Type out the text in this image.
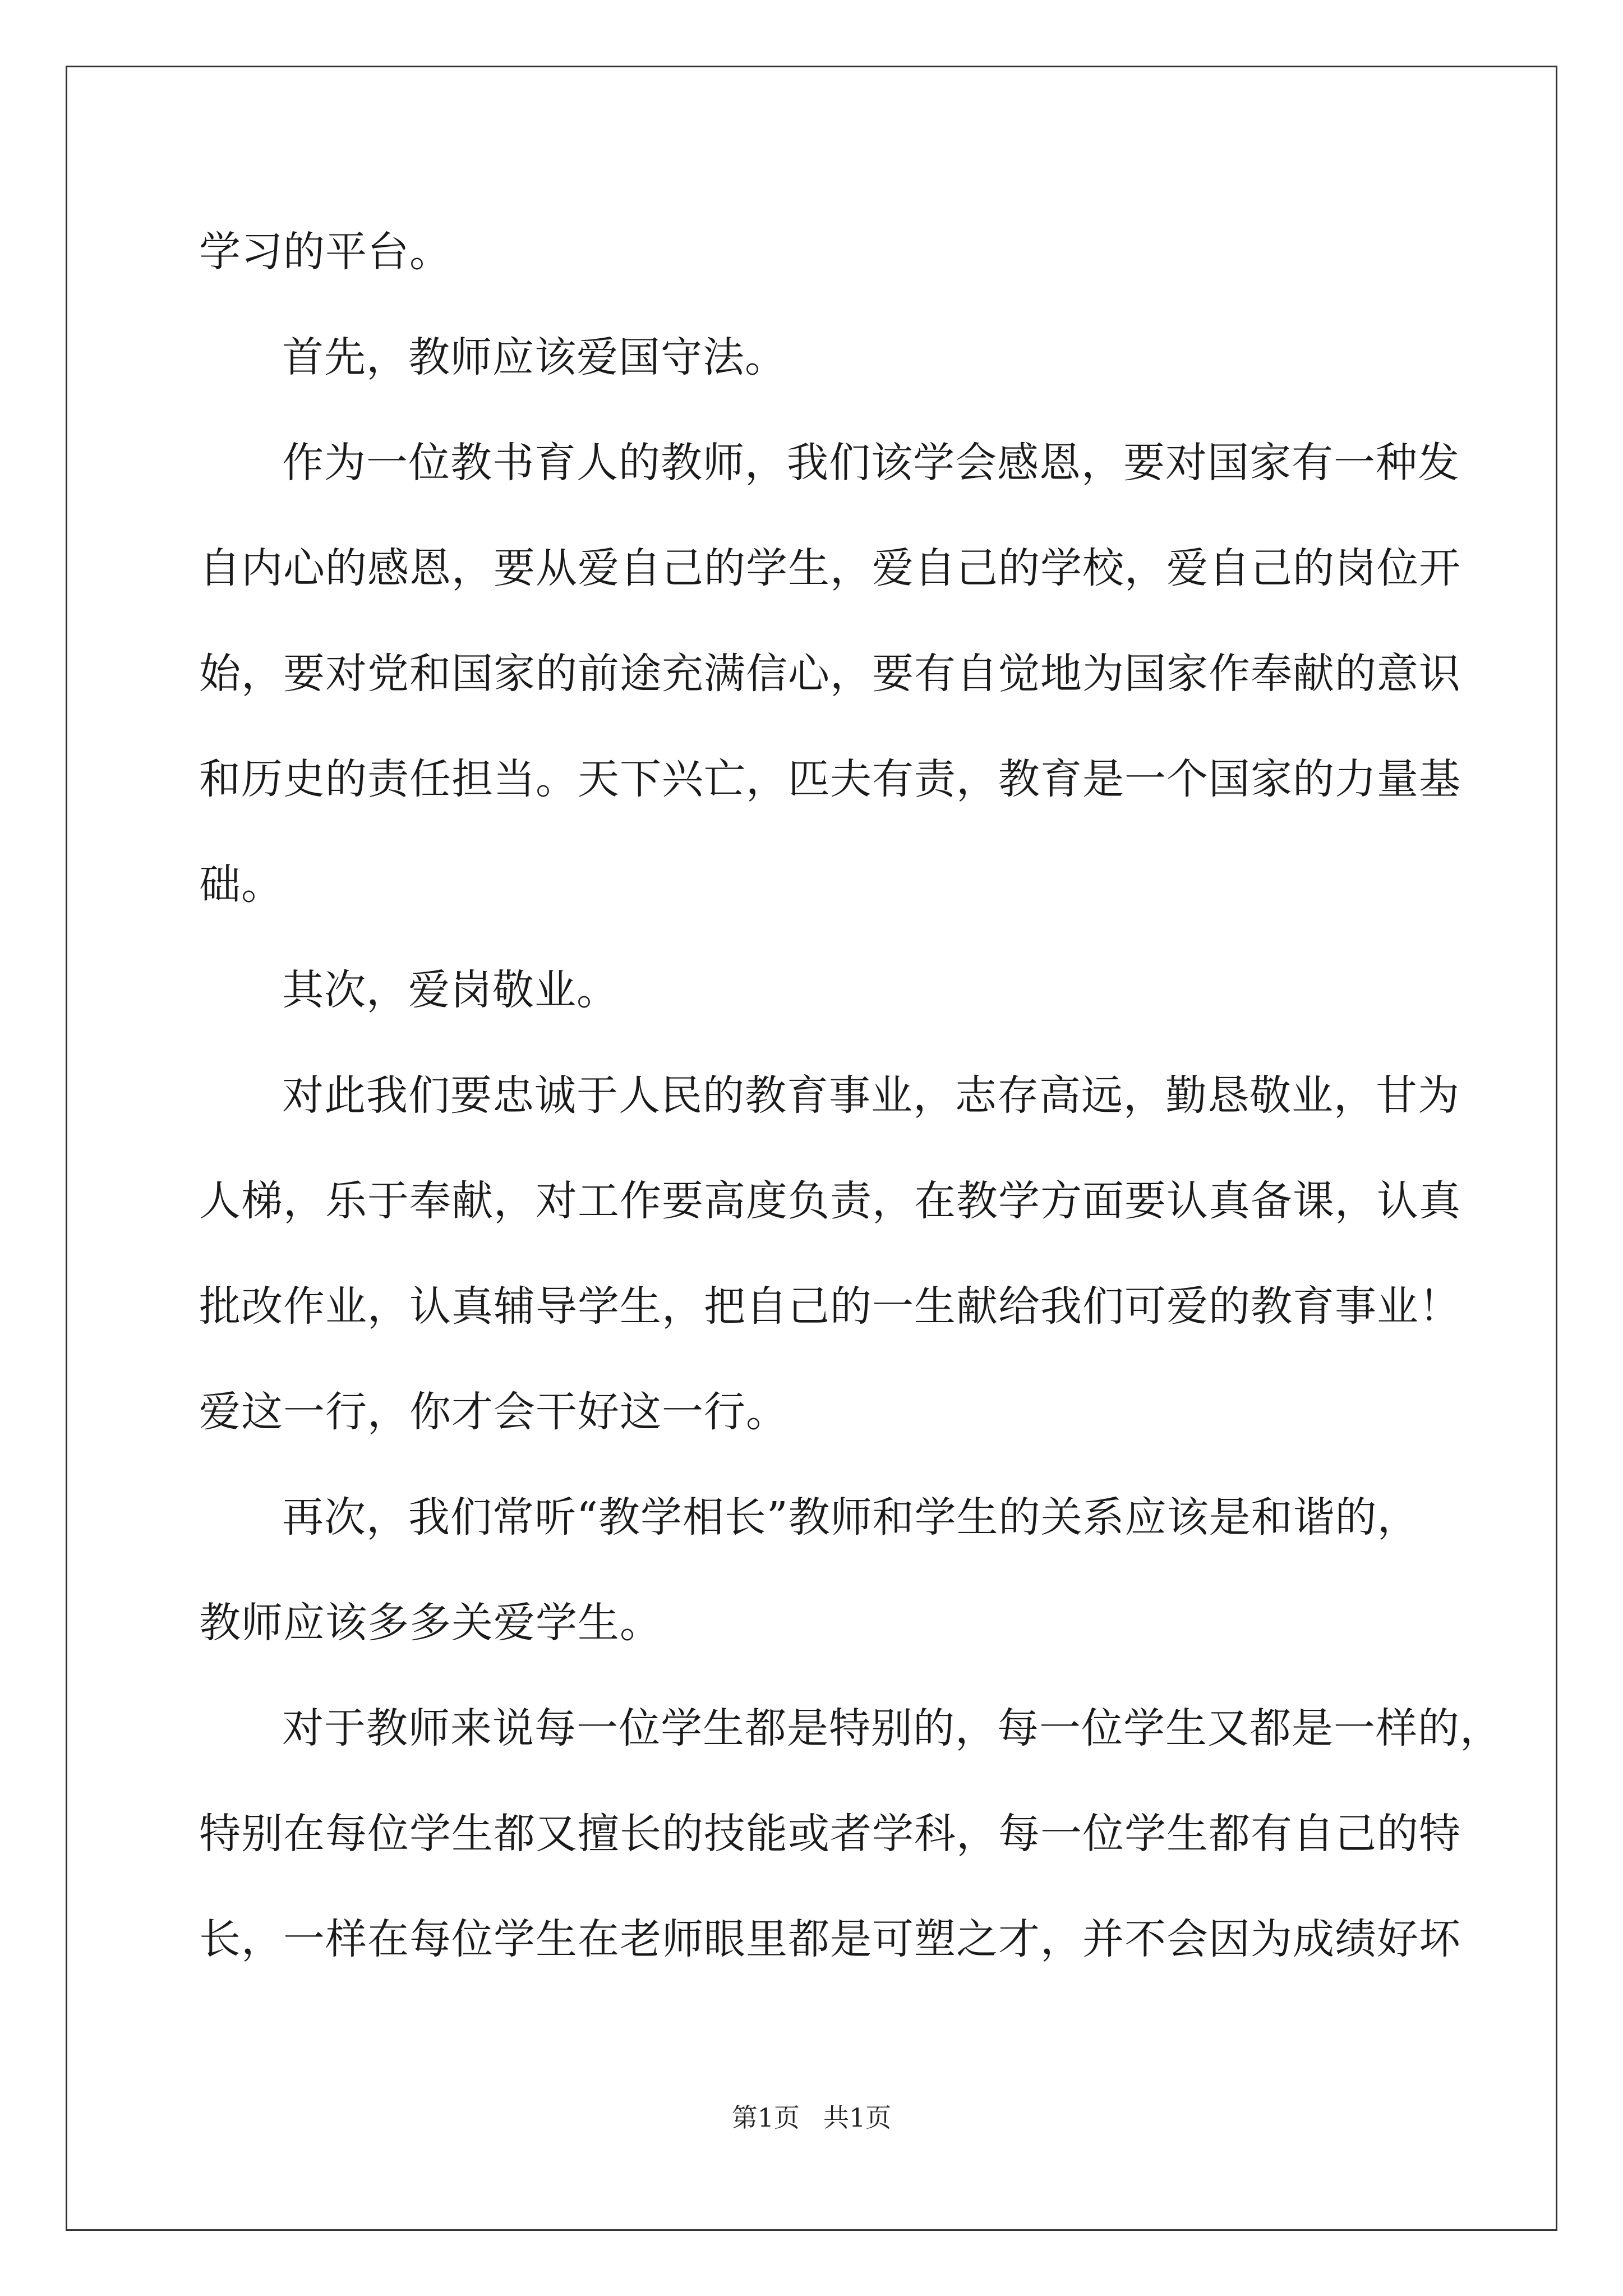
学习的平台。
首先，教师应该爱国守法。
作为一位教书育人的教师，我们该学会感恩，要对国家有一种发
自内心的感恩，要从爱自己的学生，爱自己的学校，爱自己的岗位开
始，要对党和国家的前途充满信心，要有自觉地为国家作奉献的意识
和历史的责任担当。天下兴亡，匹夫有责，教育是一个国家的力量基
础。
其次，爱岗敬业。
对此我们要忠诚于人民的教育事业，志存高远，勤恳敬业，甘为
人梯，乐于奉献，对工作要高度负责，在教学方面要认真备课，认真
批改作业，认真辅导学生，把自己的一生献给我们可爱的教育事业！
爱这一行，你才会干好这一行。
再次，我们常听“教学相长”教师和学生的关系应该是和谐的，
教师应该多多关爱学生。
对于教师来说每一位学生都是特别的，每一位学生又都是一样的，
特别在每位学生都又擅长的技能或者学科，每一位学生都有自己的特
长，一样在每位学生在老师眼里都是可塑之才，并不会因为成绩好坏
第1页 共1页
